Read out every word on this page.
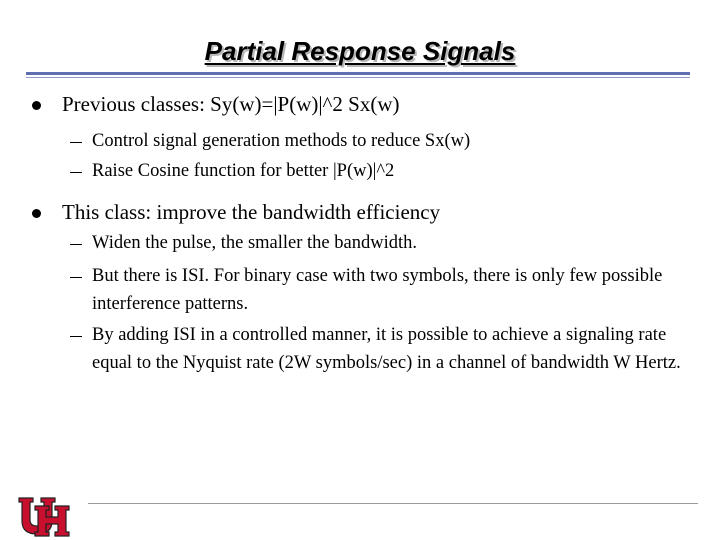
Partial Response Signals
Previous classes: Sy(w)=|P(w)|^2 Sx(w)
Control signal generation methods to reduce Sx(w)
Raise Cosine function for better |P(w)|^2
This class: improve the bandwidth efficiency
Widen the pulse, the smaller the bandwidth.
But there is ISI. For binary case with two symbols, there is only few possible interference patterns.
By adding ISI in a controlled manner, it is possible to achieve a signaling rate equal to the Nyquist rate (2W symbols/sec) in a channel of bandwidth W Hertz.
